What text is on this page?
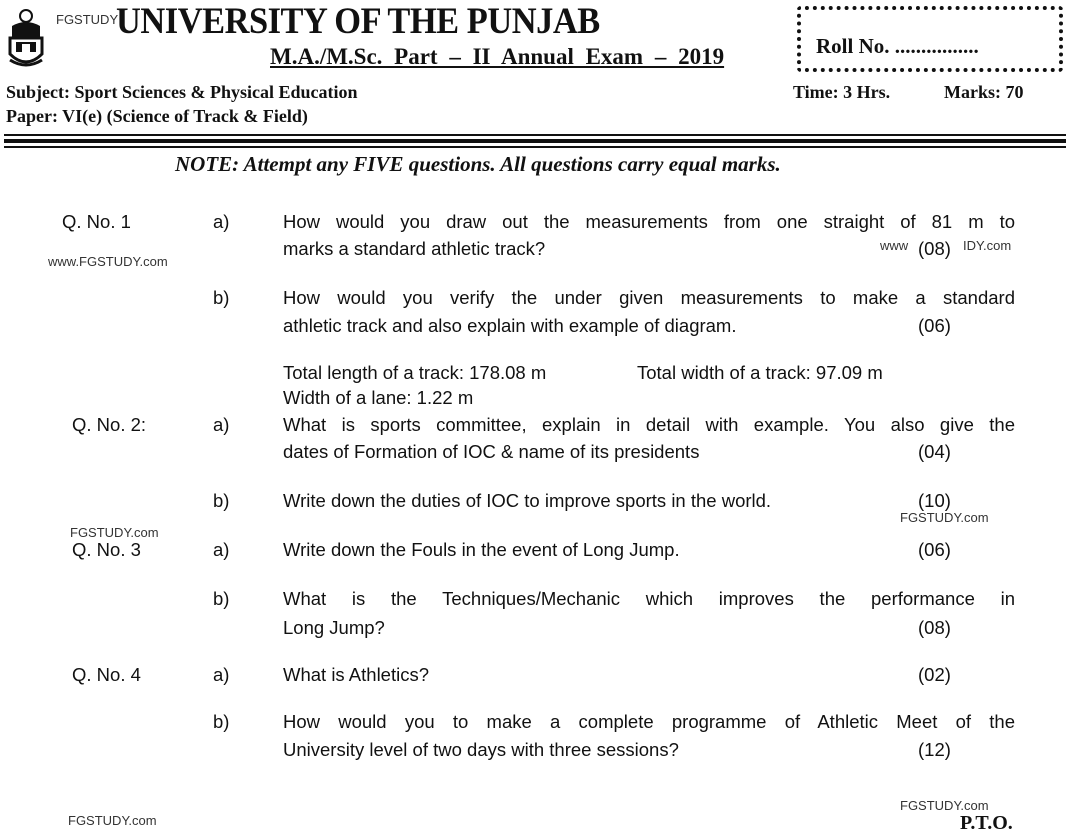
FGSTUDY
UNIVERSITY OF THE PUNJAB
M.A./M.Sc. Part – II Annual Exam – 2019	Roll No. ................
Subject: Sport Sciences & Physical Education
Paper: VI(e) (Science of Track & Field)
Time: 3 Hrs.	Marks: 70
NOTE: Attempt any FIVE questions. All questions carry equal marks.
Q. No. 1	a)	How would you draw out the measurements from one straight of 81 m to
marks a standard athletic track?	www (08) IDY.com
www.FGSTUDY.com
b)	How would you verify the under given measurements to make a standard
athletic track and also explain with example of diagram.	(06)
Total length of a track: 178.08 m	Total width of a track: 97.09 m
Width of a lane: 1.22 m
Q. No. 2:	a)	What is sports committee, explain in detail with example. You also give the
dates of Formation of IOC & name of its presidents	(04)
b)	Write down the duties of IOC to improve sports in the world.	(10)
FGSTUDY.com
FGSTUDY.com
Q. No. 3	a)	Write down the Fouls in the event of Long Jump.	(06)
b)	What is the Techniques/Mechanic which improves the performance in
Long Jump?	(08)
Q. No. 4	a)	What is Athletics?	(02)
b)	How would you to make a complete programme of Athletic Meet of the
University level of two days with three sessions?	(12)
FGSTUDY.com
FGSTUDY.com	P.T.O.
